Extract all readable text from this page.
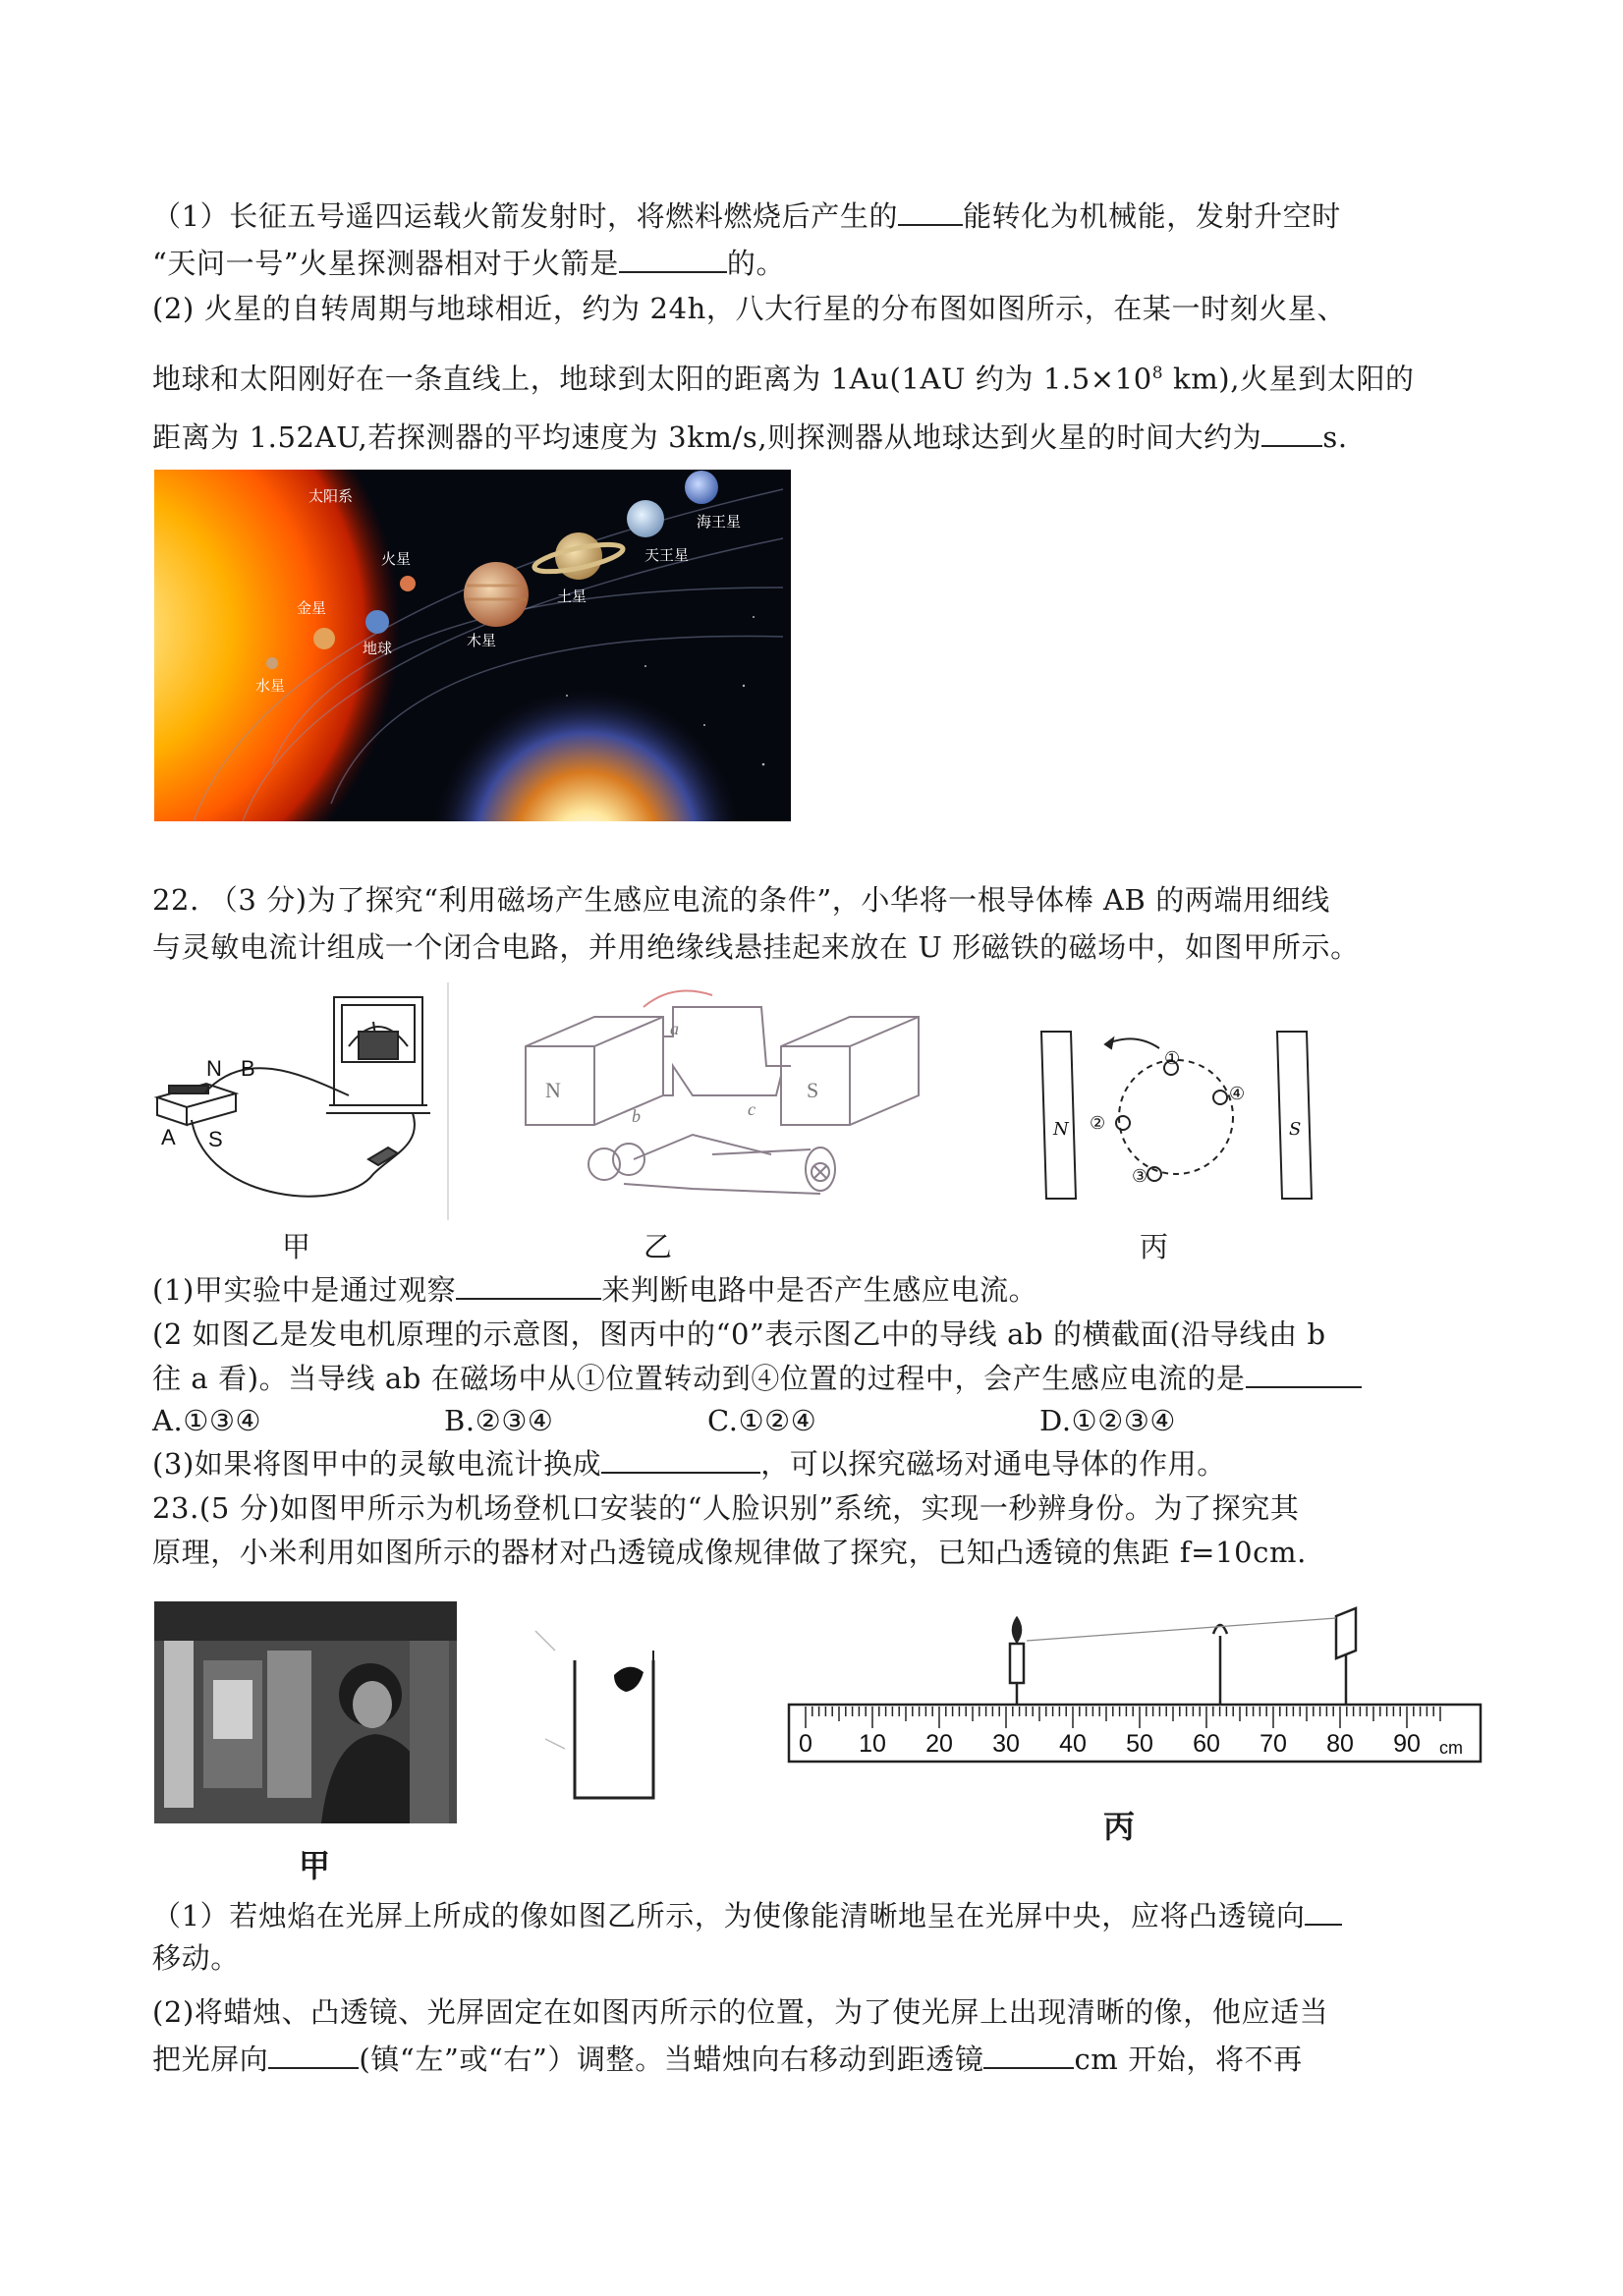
（1）长征五号遥四运载火箭发射时，将燃料燃烧后产生的 能转化为机械能，发射升空时
“天问一号”火星探测器相对于火箭是	的。
(2) 火星的自转周期与地球相近，约为 24h，八大行星的分布图如图所示，在某一时刻火星、
地球和太阳刚好在一条直线上，地球到太阳的距离为 1Au(1AU 约为 $1.5\times 10^8$ km),火星到太阳的
距离为 1.52AU,若探测器的平均速度为 3km/s,则探测器从地球达到火星的时间大约为 s.
太阳系
水星
金星
地球
火星
木星
土星
天王星
海王星
22. （3 分)为了探究“利用磁场产生感应电流的条件”，小华将一根导体棒 AB 的两端用细线
与灵敏电流计组成一个闭合电路，并用绝缘线悬挂起来放在 U 形磁铁的磁场中，如图甲所示。
N B
A S
N	S
a
b	c
N	S
①
②
③
④
甲	乙	丙
(1)甲实验中是通过观察	来判断电路中是否产生感应电流。
(2 如图乙是发电机原理的示意图，图丙中的“0”表示图乙中的导线 ab 的横截面(沿导线由 b
往 a 看)。当导线 ab 在磁场中从①位置转动到④位置的过程中，会产生感应电流的是
A.①③④	B.②③④	C.①②④	D.①②③④
(3)如果将图甲中的灵敏电流计换成	，可以探究磁场对通电导体的作用。
23.(5 分)如图甲所示为机场登机口安装的“人脸识别”系统，实现一秒辨身份。为了探究其
原理，小米利用如图所示的器材对凸透镜成像规律做了探究，已知凸透镜的焦距 f=10cm.
甲
0 10 20 30 40 50 60 70 80 90 cm
丙
（1）若烛焰在光屏上所成的像如图乙所示，为使像能清晰地呈在光屏中央，应将凸透镜向
移动。
(2)将蜡烛、凸透镜、光屏固定在如图丙所示的位置，为了使光屏上出现清晰的像，他应适当
把光屏向	(镇“左”或“右”）调整。当蜡烛向右移动到距透镜	cm 开始，将不再
